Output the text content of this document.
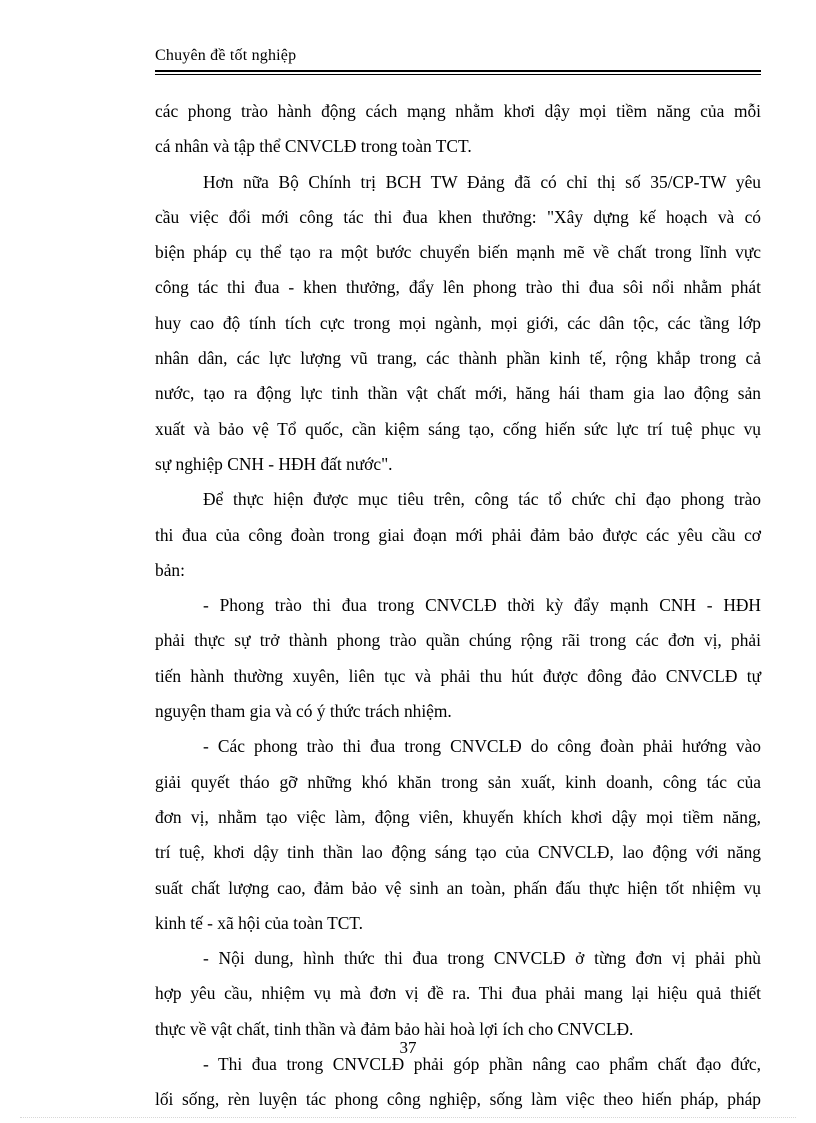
Chuyên đề tốt nghiệp

các phong trào hành động cách mạng nhằm khơi dậy mọi tiềm năng của mỗi
cá nhân và tập thể CNVCLĐ trong toàn TCT.

Hơn nữa Bộ Chính trị BCH TW Đảng đã có chỉ thị số 35/CP-TW yêu
cầu việc đổi mới công tác thi đua khen thưởng: "Xây dựng kế hoạch và có
biện pháp cụ thể tạo ra một bước chuyển biến mạnh mẽ về chất trong lĩnh vực
công tác thi đua - khen thưởng, đẩy lên phong trào thi đua sôi nổi nhằm phát
huy cao độ tính tích cực trong mọi ngành, mọi giới, các dân tộc, các tầng lớp
nhân dân, các lực lượng vũ trang, các thành phần kinh tế, rộng khắp trong cả
nước, tạo ra động lực tinh thần vật chất mới, hăng hái tham gia lao động sản
xuất và bảo vệ Tổ quốc, cần kiệm sáng tạo, cống hiến sức lực trí tuệ phục vụ
sự nghiệp CNH - HĐH đất nước".

Để thực hiện được mục tiêu trên, công tác tổ chức chỉ đạo phong trào
thi đua của công đoàn trong giai đoạn mới phải đảm bảo được các yêu cầu cơ
bản:

- Phong trào thi đua trong CNVCLĐ thời kỳ đẩy mạnh CNH - HĐH
phải thực sự trở thành phong trào quần chúng rộng rãi trong các đơn vị, phải
tiến hành thường xuyên, liên tục và phải thu hút được đông đảo CNVCLĐ tự
nguyện tham gia và có ý thức trách nhiệm.

- Các phong trào thi đua trong CNVCLĐ do công đoàn phải hướng vào
giải quyết tháo gỡ những khó khăn trong sản xuất, kinh doanh, công tác của
đơn vị, nhằm tạo việc làm, động viên, khuyến khích khơi dậy mọi tiềm năng,
trí tuệ, khơi dậy tinh thần lao động sáng tạo của CNVCLĐ, lao động với năng
suất chất lượng cao, đảm bảo vệ sinh an toàn, phấn đấu thực hiện tốt nhiệm vụ
kinh tế - xã hội của toàn TCT.

- Nội dung, hình thức thi đua trong CNVCLĐ ở từng đơn vị phải phù
hợp yêu cầu, nhiệm vụ mà đơn vị đề ra. Thi đua phải mang lại hiệu quả thiết
thực về vật chất, tinh thần và đảm bảo hài hoà lợi ích cho CNVCLĐ.

- Thi đua trong CNVCLĐ phải góp phần nâng cao phẩm chất đạo đức,
lối sống, rèn luyện tác phong công nghiệp, sống làm việc theo hiến pháp, pháp

37
